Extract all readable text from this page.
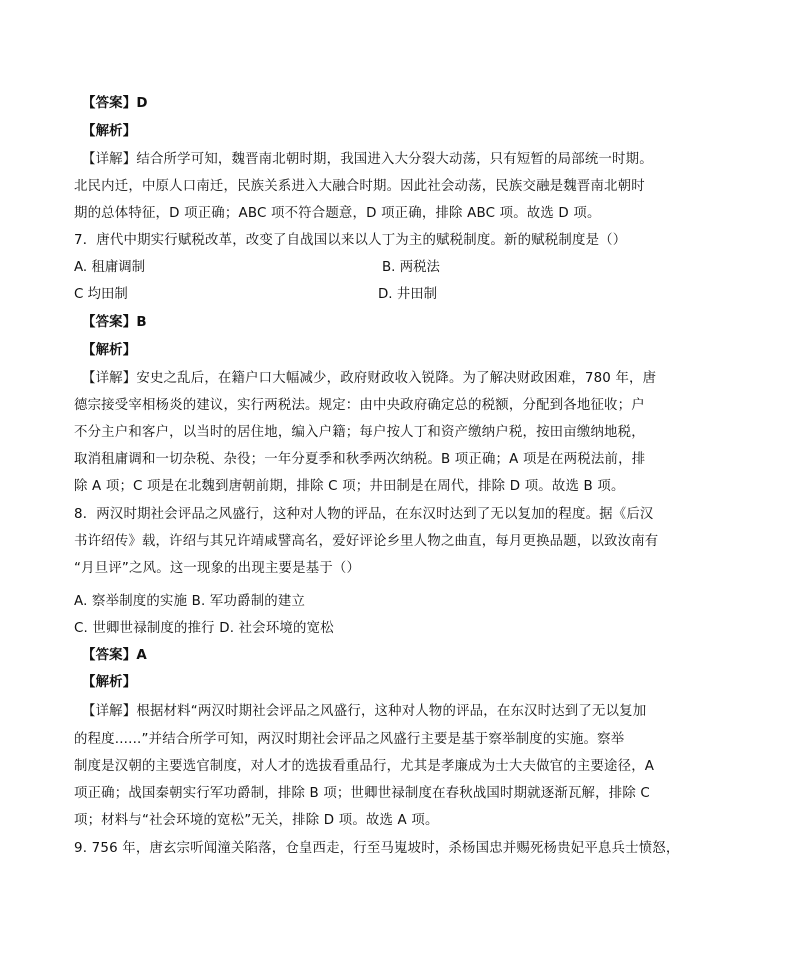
【答案】D
【解析】
【详解】结合所学可知，魏晋南北朝时期，我国进入大分裂大动荡，只有短暂的局部统一时期。
北民内迁，中原人口南迁，民族关系进入大融合时期。因此社会动荡，民族交融是魏晋南北朝时
期的总体特征，D 项正确；ABC 项不符合题意，D 项正确，排除 ABC 项。故选 D 项。
7．唐代中期实行赋税改革，改变了自战国以来以人丁为主的赋税制度。新的赋税制度是（）
A. 租庸调制	B. 两税法
C 均田制	D. 井田制
【答案】B
【解析】
【详解】安史之乱后，在籍户口大幅减少，政府财政收入锐降。为了解决财政困难，780 年，唐
德宗接受宰相杨炎的建议，实行两税法。规定：由中央政府确定总的税额，分配到各地征收；户
不分主户和客户，以当时的居住地，编入户籍；每户按人丁和资产缴纳户税，按田亩缴纳地税，
取消租庸调和一切杂税、杂役；一年分夏季和秋季两次纳税。B 项正确；A 项是在两税法前，排
除 A 项；C 项是在北魏到唐朝前期，排除 C 项；井田制是在周代，排除 D 项。故选 B 项。
8．两汉时期社会评品之风盛行，这种对人物的评品，在东汉时达到了无以复加的程度。据《后汉
书许绍传》载，许绍与其兄许靖咸譬高名，爱好评论乡里人物之曲直，每月更换品题，以致汝南有
“月旦评”之风。这一现象的出现主要是基于（）
A. 察举制度的实施 B. 军功爵制的建立
C. 世卿世禄制度的推行 D. 社会环境的宽松
【答案】A
【解析】
【详解】根据材料“两汉时期社会评品之风盛行，这种对人物的评品，在东汉时达到了无以复加
的程度......”并结合所学可知，两汉时期社会评品之风盛行主要是基于察举制度的实施。察举
制度是汉朝的主要选官制度，对人才的选拔看重品行，尤其是孝廉成为士大夫做官的主要途径，A
项正确；战国秦朝实行军功爵制，排除 B 项；世卿世禄制度在春秋战国时期就逐渐瓦解，排除 C
项；材料与“社会环境的宽松”无关，排除 D 项。故选 A 项。
9. 756 年，唐玄宗听闻潼关陷落，仓皇西走，行至马嵬坡时，杀杨国忠并赐死杨贵妃平息兵士愤怒，
